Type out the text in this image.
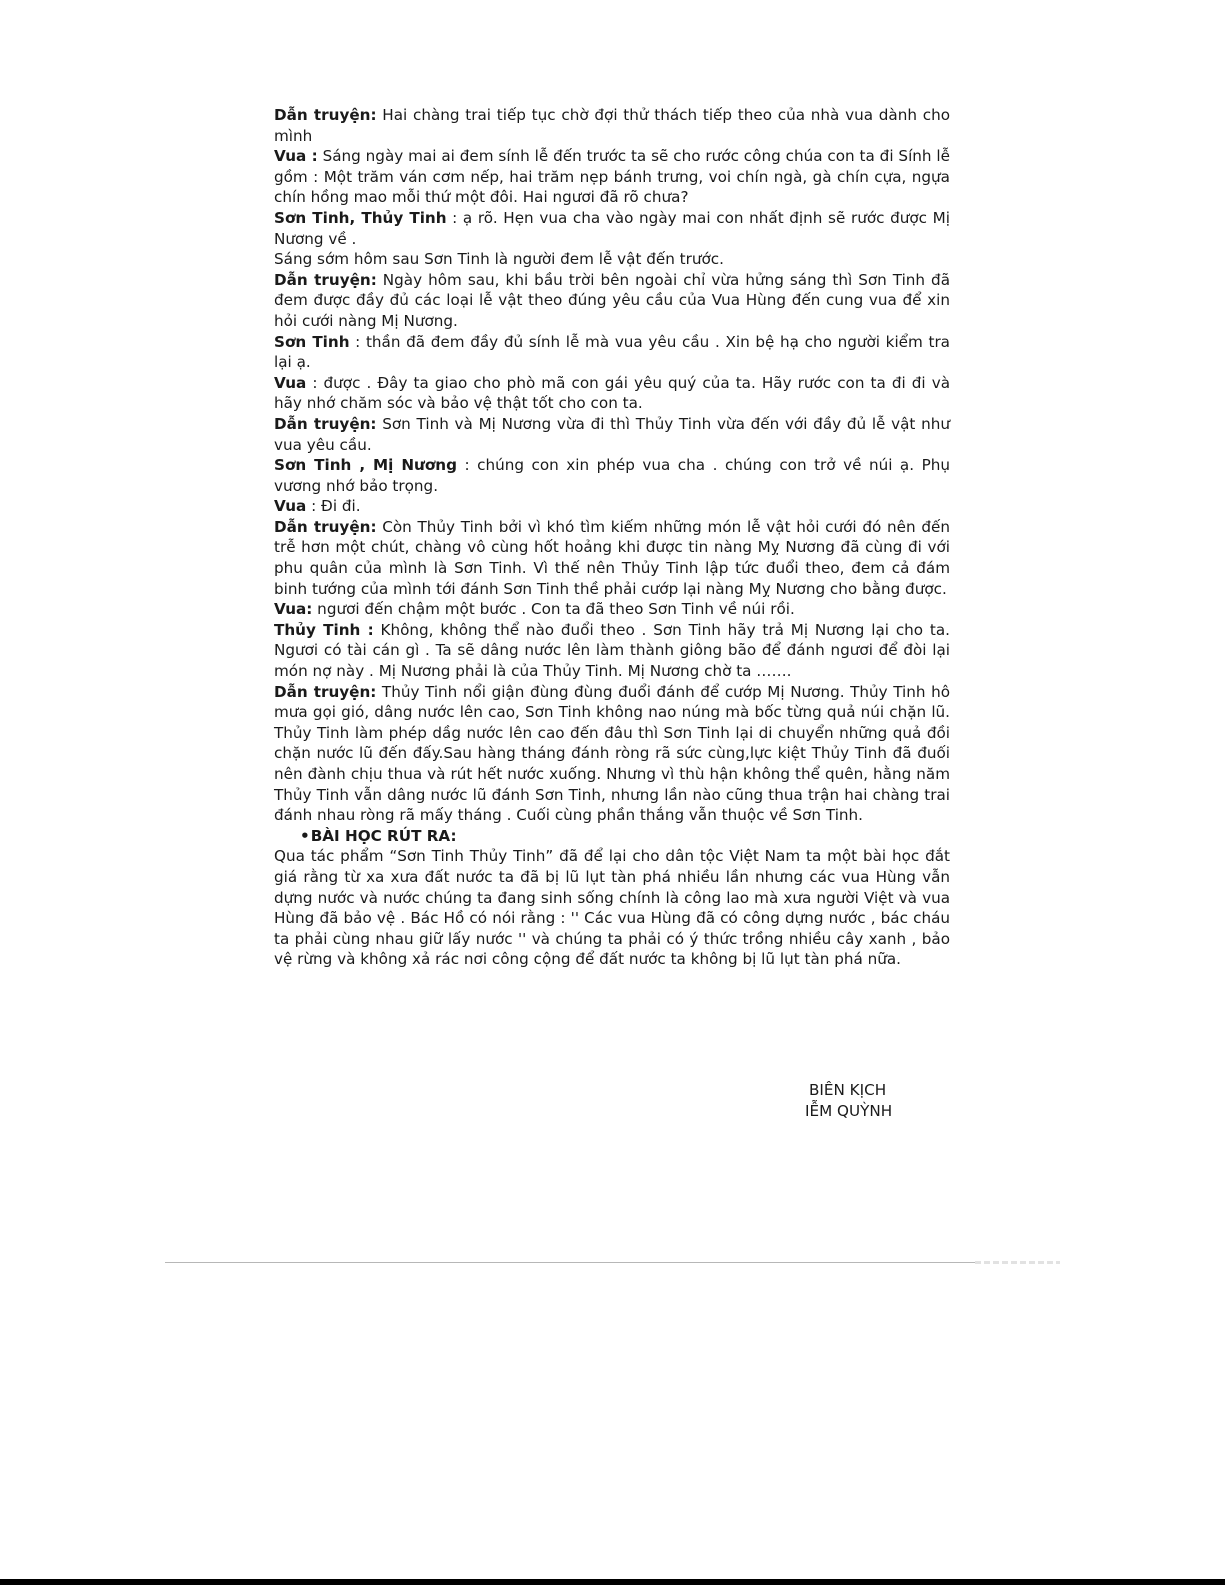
Dẫn truyện: Hai chàng trai tiếp tục chờ đợi thử thách tiếp theo của nhà vua dành cho mình

Vua : Sáng ngày mai ai đem sính lễ đến trước ta sẽ cho rước công chúa con ta đi Sính lễ gồm : Một trăm ván cơm nếp, hai trăm nẹp bánh trưng, voi chín ngà, gà chín cựa, ngựa chín hồng mao mỗi thứ một đôi. Hai ngươi đã rõ chưa?

Sơn Tinh, Thủy Tinh : ạ rõ. Hẹn vua cha vào ngày mai con nhất định sẽ rước được Mị Nương về .

Sáng sớm hôm sau Sơn Tinh là người đem lễ vật đến trước.

Dẫn truyện: Ngày hôm sau, khi bầu trời bên ngoài chỉ vừa hửng sáng thì Sơn Tinh đã đem được đầy đủ các loại lễ vật theo đúng yêu cầu của Vua Hùng đến cung vua để xin hỏi cưới nàng Mị Nương.

Sơn Tinh : thần đã đem đầy đủ sính lễ mà vua yêu cầu . Xin bệ hạ cho người kiểm tra lại ạ.

Vua : được . Đây ta giao cho phò mã con gái yêu quý của ta. Hãy rước con ta đi đi và hãy nhớ chăm sóc và bảo vệ thật tốt cho con ta.

Dẫn truyện: Sơn Tinh và Mị Nương vừa đi thì Thủy Tinh vừa đến với đầy đủ lễ vật như vua yêu cầu.

Sơn Tinh , Mị Nương : chúng con xin phép vua cha . chúng con trở về núi ạ. Phụ vương nhớ bảo trọng.

Vua : Đi đi.

Dẫn truyện: Còn Thủy Tinh bởi vì khó tìm kiếm những món lễ vật hỏi cưới đó nên đến trễ hơn một chút, chàng vô cùng hốt hoảng khi được tin nàng Mỵ Nương đã cùng đi với phu quân của mình là Sơn Tinh. Vì thế nên Thủy Tinh lập tức đuổi theo, đem cả đám binh tướng của mình tới đánh Sơn Tinh thề phải cướp lại nàng Mỵ Nương cho bằng được.

Vua: ngươi đến chậm một bước . Con ta đã theo Sơn Tinh về núi rồi.

Thủy Tinh : Không, không thể nào đuổi theo . Sơn Tinh hãy trả Mị Nương lại cho ta. Ngươi có tài cán gì . Ta sẽ dâng nước lên làm thành giông bão để đánh ngươi để đòi lại món nợ này . Mị Nương phải là của Thủy Tinh. Mị Nương chờ ta …….

Dẫn truyện: Thủy Tinh nổi giận đùng đùng đuổi đánh để cướp Mị Nương. Thủy Tinh hô mưa gọi gió, dâng nước lên cao, Sơn Tinh không nao núng mà bốc từng quả núi chặn lũ. Thủy Tinh làm phép dầg nước lên cao đến đâu thì Sơn Tinh lại di chuyển những quả đồi chặn nước lũ đến đấy.Sau hàng tháng đánh ròng rã sức cùng,lực kiệt Thủy Tinh đã đuối nên đành chịu thua và rút hết nước xuống. Nhưng vì thù hận không thể quên, hằng năm Thủy Tinh vẫn dâng nước lũ đánh Sơn Tinh, nhưng lần nào cũng thua trận hai chàng trai đánh nhau ròng rã mấy tháng . Cuối cùng phần thắng vẫn thuộc về Sơn Tinh.

•BÀI HỌC RÚT RA:

Qua tác phẩm “Sơn Tinh Thủy Tinh” đã để lại cho dân tộc Việt Nam ta một bài học đắt giá rằng từ xa xưa đất nước ta đã bị lũ lụt tàn phá nhiều lần nhưng các vua Hùng vẫn dựng nước và nước chúng ta đang sinh sống chính là công lao mà xưa người Việt và vua Hùng đã bảo vệ . Bác Hồ có nói rằng : '' Các vua Hùng đã có công dựng nước , bác cháu ta phải cùng nhau giữ lấy nước '' và chúng ta phải có ý thức trồng nhiều cây xanh , bảo vệ rừng và không xả rác nơi công cộng để đất nước ta không bị lũ lụt tàn phá nữa.

BIÊN KỊCH
IỄM QUỲNH
